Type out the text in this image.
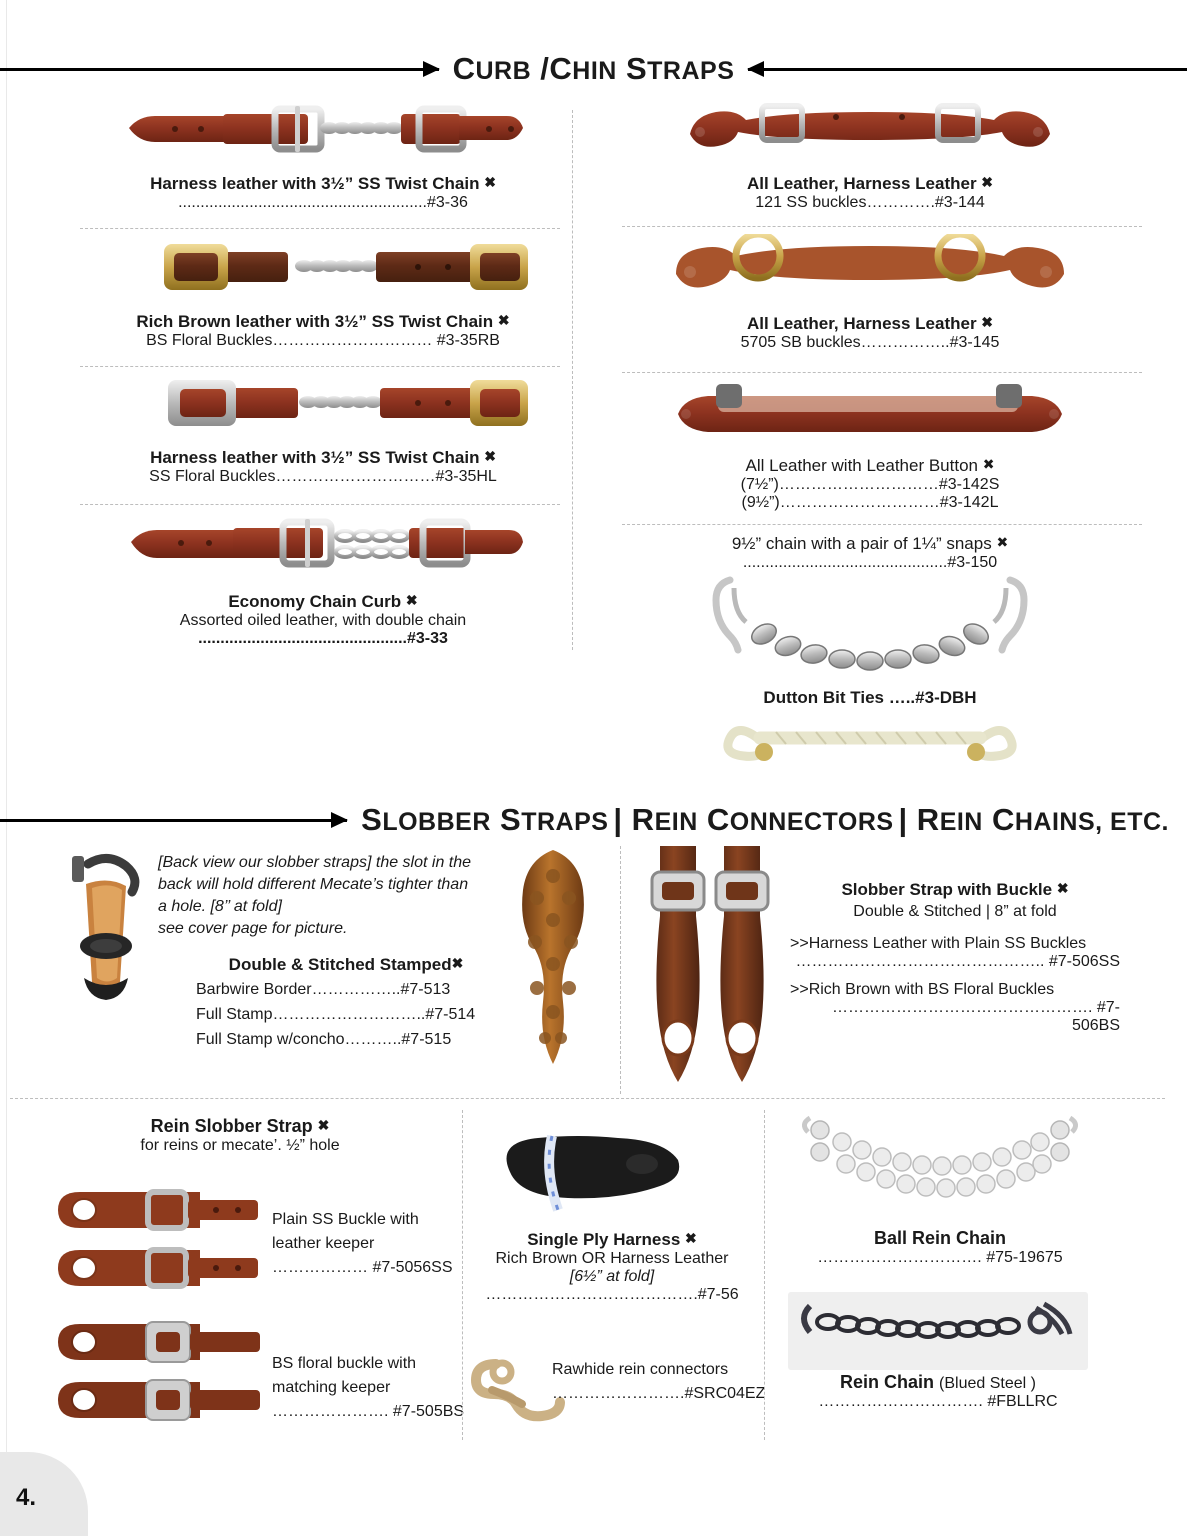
CURB /CHIN STRAPS
Harness leather with 3½” SS Twist Chain ✖
........................................................#3-36
Rich Brown leather with 3½” SS Twist Chain ✖
BS Floral Buckles………………………… #3-35RB
Harness leather with 3½” SS Twist Chain ✖
SS Floral Buckles…………………………#3-35HL
Economy Chain Curb ✖
Assorted oiled leather, with double chain
...............................................#3-33
All Leather, Harness Leather ✖
121 SS buckles………….#3-144
All Leather, Harness Leather ✖
5705 SB buckles……………..#3-145
All Leather with Leather Button ✖
(7½”)…………………………#3-142S
(9½”)…………………………#3-142L
9½” chain with a pair of 1¼” snaps ✖
..............................................#3-150
Dutton Bit Ties …..#3-DBH
SLOBBER STRAPS | REIN CONNECTORS | REIN CHAINS, ETC.
[Back view our slobber straps] the slot in the
back will hold different Mecate’s tighter than
a hole. [8’’ at fold]
see cover page for picture.
Double & Stitched Stamped✖
Barbwire Border……………..#7-513
Full Stamp………………………..#7-514
Full Stamp w/concho………..#7-515
Slobber Strap with Buckle ✖
Double & Stitched | 8” at fold
>>Harness Leather with Plain SS Buckles
……………………………………….. #7-506SS
>>Rich Brown with BS Floral Buckles
…………………………………………. #7-506BS
Rein Slobber Strap ✖
for reins or mecate’. ½” hole
Plain SS Buckle with
leather keeper
……………… #7-5056SS
BS floral buckle with
matching keeper
…………………. #7-505BS
Single Ply Harness ✖
Rich Brown OR Harness Leather
[6½” at fold]
………………………………….#7-56
Rawhide rein connectors
…………………….#SRC04EZ
Ball Rein Chain
…………………………. #75-19675
Rein Chain (Blued Steel )
…………………………. #FBLLRC
4.
